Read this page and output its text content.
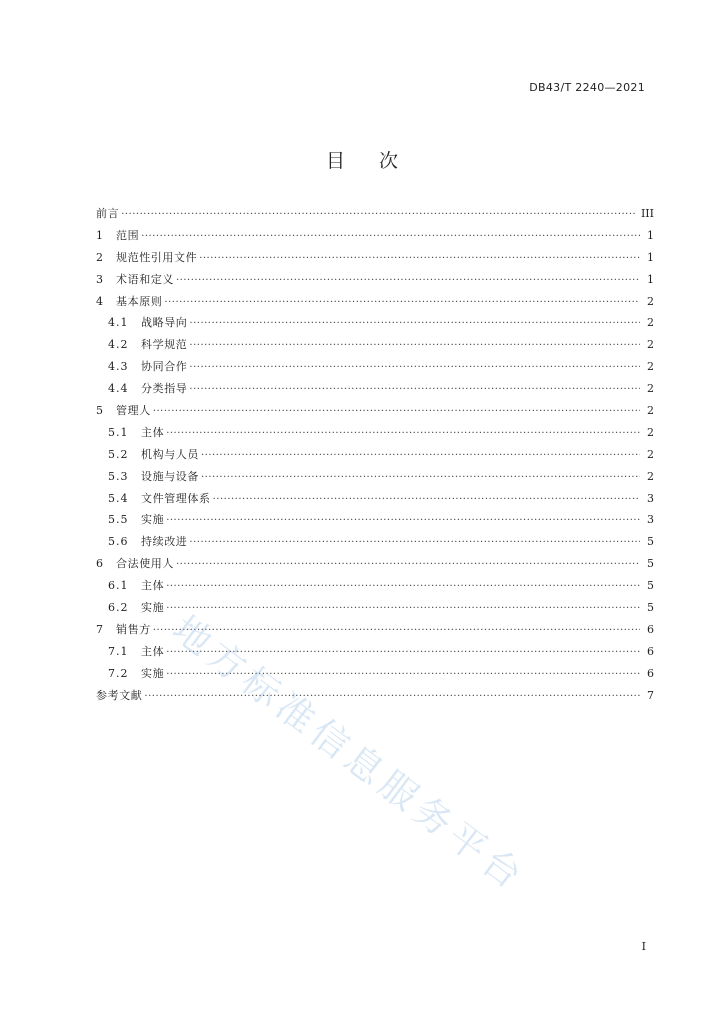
DB43/T 2240—2021
目次
前言 ·····	III
1	范围 ·····	1
2	规范性引用文件 ·····	1
3	术语和定义 ·····	1
4	基本原则 ·····	2
4.1	战略导向 ·····	2
4.2	科学规范 ·····	2
4.3	协同合作 ·····	2
4.4	分类指导 ·····	2
5	管理人 ·····	2
5.1	主体 ·····	2
5.2	机构与人员 ·····	2
5.3	设施与设备 ·····	2
5.4	文件管理体系 ·····	3
5.5	实施 ·····	3
5.6	持续改进 ·····	5
6	合法使用人 ·····	5
6.1	主体 ·····	5
6.2	实施 ·····	5
7	销售方 ·····	6
7.1	主体 ·····	6
7.2	实施 ·····	6
参考文献 ·····	7
地方标准信息服务平台
I
